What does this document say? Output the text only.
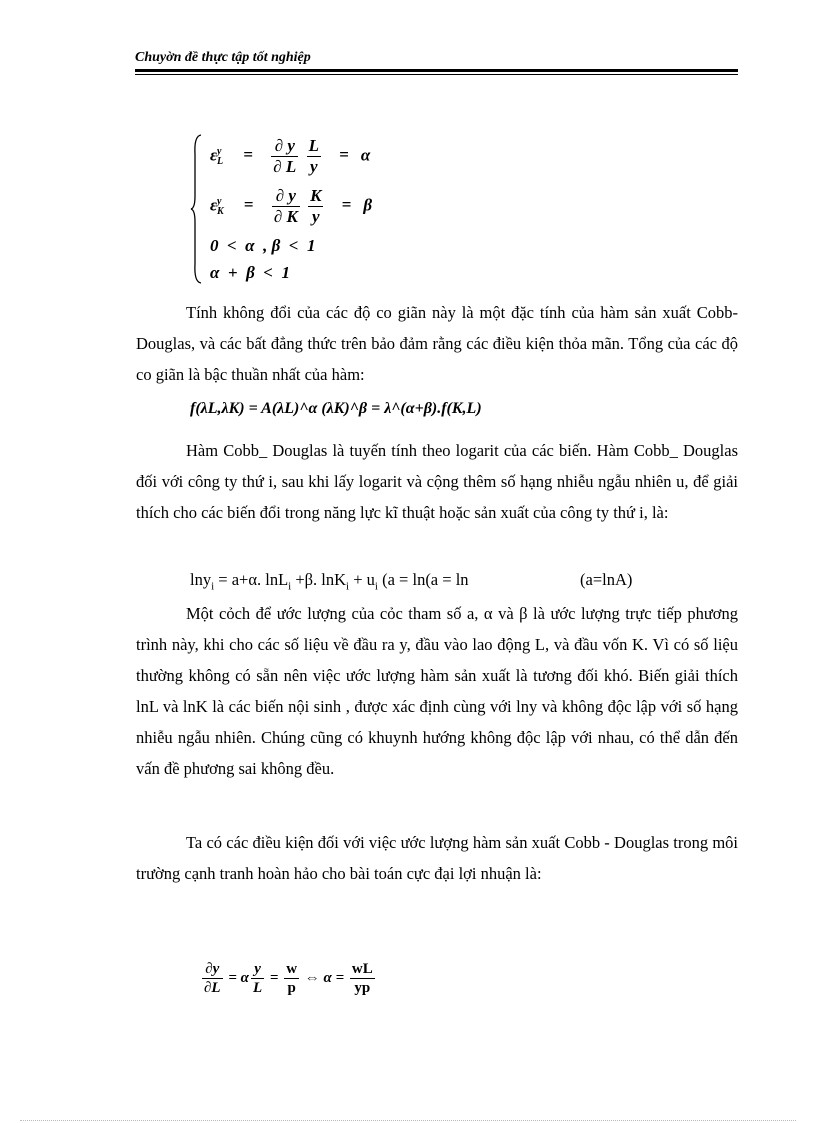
Chuyờn đề thực tập tốt nghiệp
εy
$L = \frac{\partial y}{\partial L}$
$\frac{L}{y} = \alpha$
εy
$K = \frac{\partial y}{\partial K}$
$\frac{K}{y} = \beta$
0  <  α  , β  <  1
α  +  β  <  1
Tính không đổi của các độ co giãn này là một đặc tính của hàm sản xuất Cobb-Douglas, và các bất đẳng thức trên bảo đảm rằng các điều kiện thỏa mãn. Tổng của các độ co giãn là bậc thuần nhất của hàm:
f(λL,λK) = A(λL)^α (λK)^β = λ^(α+β).f(K,L)
Hàm Cobb_ Douglas là tuyến tính theo logarit của các biến. Hàm Cobb_ Douglas đối với công ty thứ i, sau khi lấy logarit và cộng thêm số hạng nhiễu ngẫu nhiên u, để giải thích cho các biến đổi trong năng lực kĩ thuật hoặc sản xuất của công ty thứ i, là:
lny$_i$ = a+α. lnL$_i$ +β. $\ln K_i + u_i$ (a = ln(a = ln	(a=lnA)
Một cỏch để ước lượng của cỏc tham số a, α và β là ước lượng trực tiếp phương trình này, khi cho các số liệu về đầu ra y, đầu vào lao động L, và đầu vốn K. Vì có số liệu thường không có sẵn nên việc ước lượng hàm sản xuất là tương đối khó. Biến giải thích lnL và lnK là các biến nội sinh , được xác định cùng với lny và không độc lập với số hạng nhiễu ngẫu nhiên. Chúng cũng có khuynh hướng không độc lập với nhau, có thể dẫn đến vấn đề phương sai không đều.
Ta có các điều kiện đối với việc ước lượng hàm sản xuất Cobb - Douglas trong môi trường cạnh tranh hoàn hảo cho bài toán cực đại lợi nhuận là:
$\frac{\partial y}{\partial L} = \alpha \frac{y}{L} = \frac{w}{p}$ ⇔ $\alpha = \frac{wL}{yp}$
